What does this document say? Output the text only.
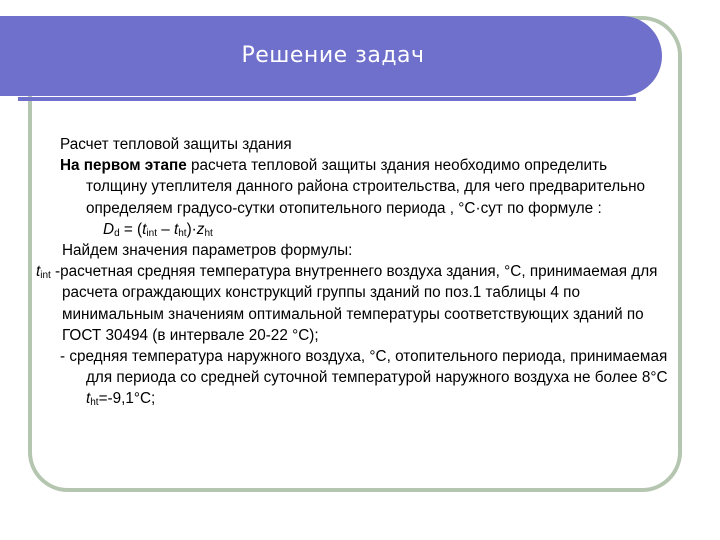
Решение задач

Расчет тепловой защиты здания

На первом этапе расчета тепловой защиты здания необходимо определить толщину утеплителя данного района строительства, для чего предварительно определяем градусо-сутки отопительного периода , °С·сут по формуле :

$D_d = (t_{int} - t_{ht})\cdot z_{ht}$

Найдем значения параметров формулы:

$t_{int}$ -расчетная средняя температура внутреннего воздуха здания, °С, принимаемая для расчета ограждающих конструкций группы зданий по поз.1 таблицы 4 по минимальным значениям оптимальной температуры соответствующих зданий по ГОСТ 30494 (в интервале 20-22 °С);

- средняя температура наружного воздуха, °С, отопительного периода, принимаемая для периода со средней суточной температурой наружного воздуха не более 8°С $t_{ht}=-9,1^\circ С$;
